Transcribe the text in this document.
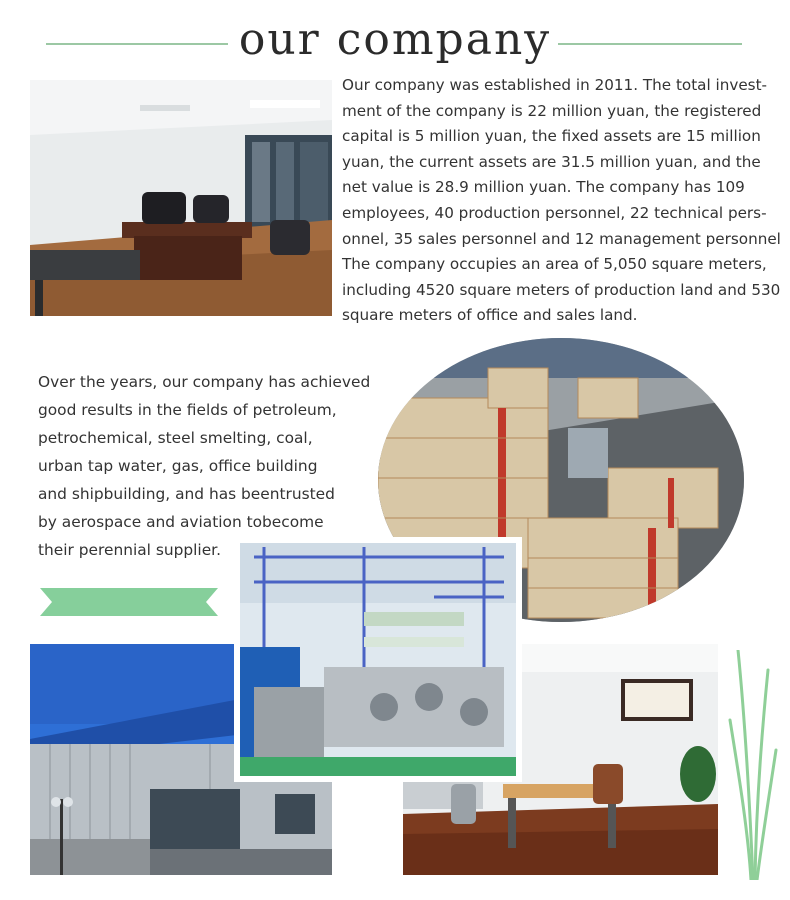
our company
Our company was established in 2011. The total invest-
ment of the company is 22 million yuan, the registered
capital is 5 million yuan, the fixed assets are 15 million
yuan, the current assets are 31.5 million yuan, and the
net value is 28.9 million yuan. The company has 109
employees, 40 production personnel, 22 technical pers-
onnel, 35 sales personnel and 12 management personnel
The company occupies an area of 5,050 square meters,
including 4520 square meters of production land and 530
square meters of office and sales land.
Over the years, our company has achieved
good results in the fields of petroleum,
petrochemical, steel smelting, coal,
urban tap water, gas, office building
and shipbuilding, and has beentrusted
by aerospace and aviation tobecome
their perennial supplier.
